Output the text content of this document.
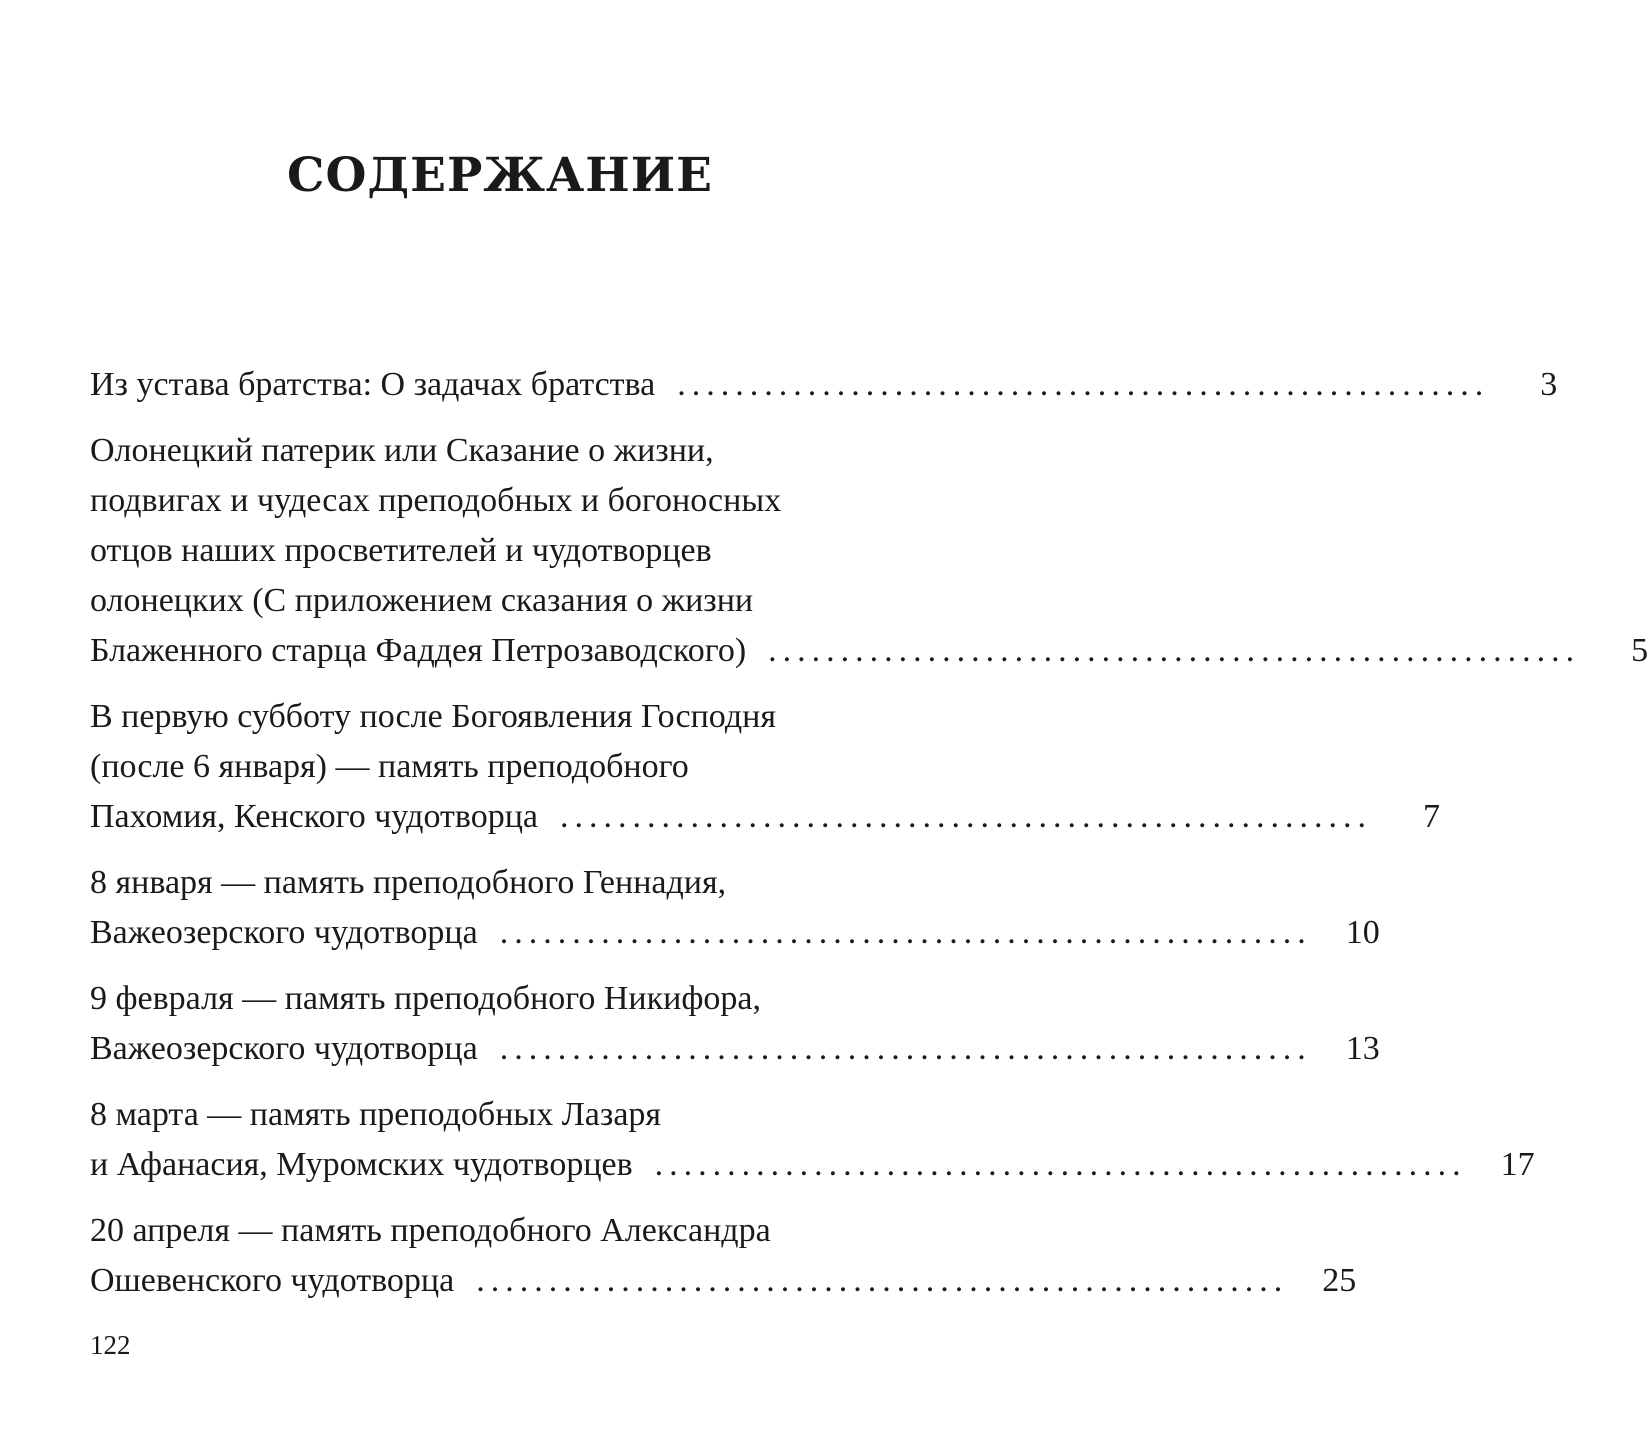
СОДЕРЖАНИЕ
Из устава братства: О задачах братства ........................................................	3
Олонецкий патерик или Сказание о жизни,
подвигах и чудесах преподобных и богоносных
отцов наших просветителей и чудотворцев
олонецких (С приложением сказания о жизни
Блаженного старца Фаддея Петрозаводского) ........................................................	5
В первую субботу после Богоявления Господня
(после 6 января) — память преподобного
Пахомия, Кенского чудотворца ........................................................	7
8 января — память преподобного Геннадия,
Важеозерского чудотворца ........................................................	10
9 февраля — память преподобного Никифора,
Важеозерского чудотворца ........................................................	13
8 марта — память преподобных Лазаря
и Афанасия, Муромских чудотворцев ........................................................	17
20 апреля — память преподобного Александра
Ошевенского чудотворца ........................................................	25
122
